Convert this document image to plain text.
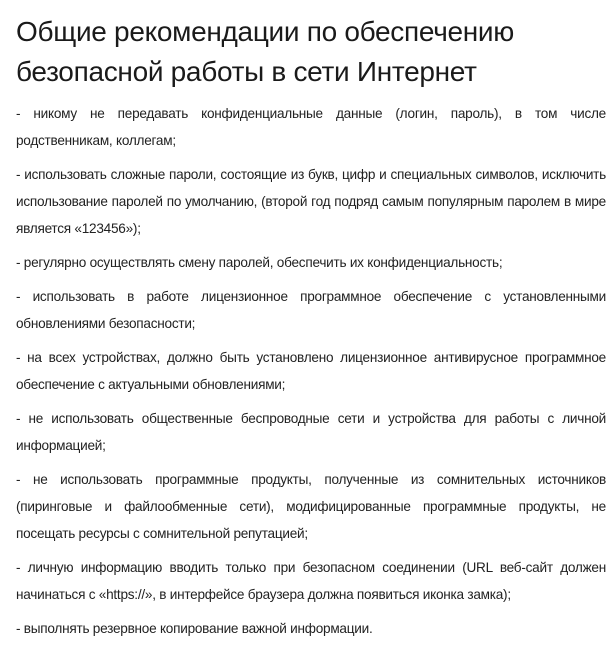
Общие рекомендации по обеспечению безопасной работы в сети Интернет

- никому не передавать конфиденциальные данные (логин, пароль), в том числе родственникам, коллегам;

- использовать сложные пароли, состоящие из букв, цифр и специальных символов, исключить использование паролей по умолчанию, (второй год подряд самым популярным паролем в мире является «123456»);

- регулярно осуществлять смену паролей, обеспечить их конфиденциальность;

- использовать в работе лицензионное программное обеспечение с установленными обновлениями безопасности;

- на всех устройствах, должно быть установлено лицензионное антивирусное программное обеспечение с актуальными обновлениями;

- не использовать общественные беспроводные сети и устройства для работы с личной информацией;

- не использовать программные продукты, полученные из сомнительных источников (пиринговые и файлообменные сети), модифицированные программные продукты, не посещать ресурсы с сомнительной репутацией;

- личную информацию вводить только при безопасном соединении (URL веб-сайт должен начинаться с «https://», в интерфейсе браузера должна появиться иконка замка);

- выполнять резервное копирование важной информации.
